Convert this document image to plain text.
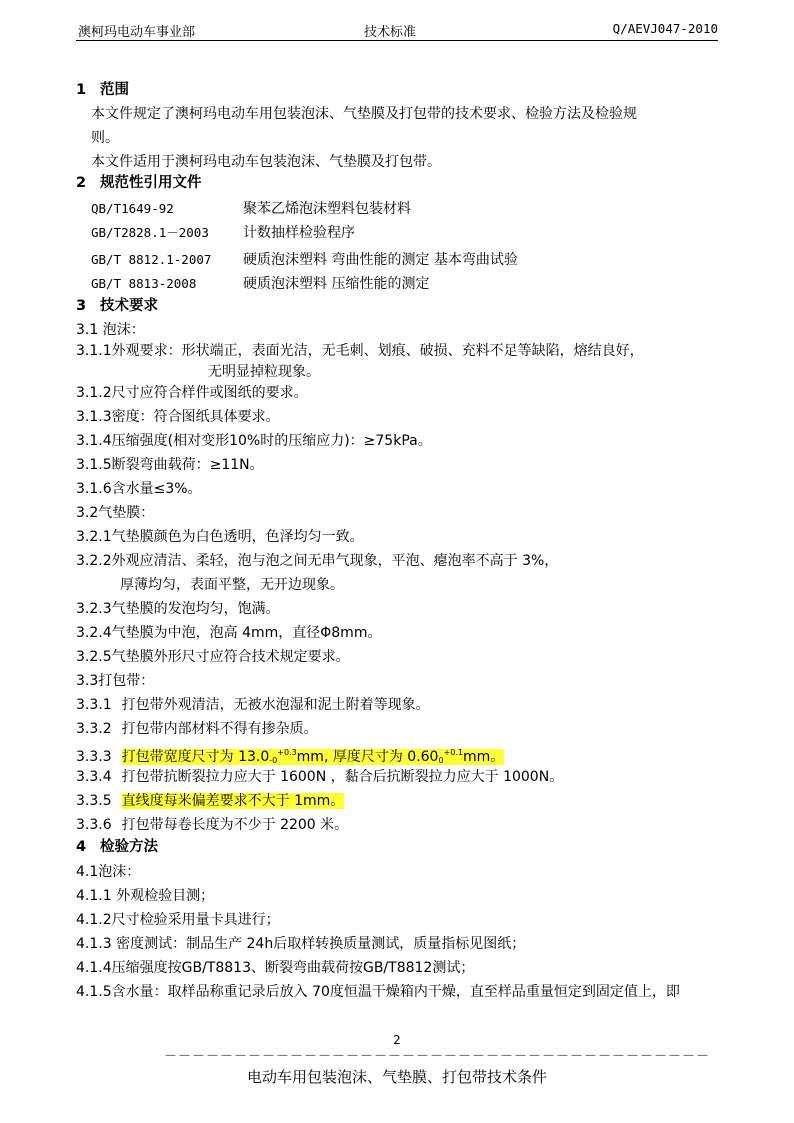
澳柯玛电动车事业部	技术标准	Q/AEVJ047-2010
1 范围
本文件规定了澳柯玛电动车用包装泡沫、气垫膜及打包带的技术要求、检验方法及检验规
则。
本文件适用于澳柯玛电动车包装泡沫、气垫膜及打包带。
2 规范性引用文件
QB/T1649-92	聚苯乙烯泡沫塑料包装材料
GB/T2828.1－2003 计数抽样检验程序
GB/T 8812.1-2007 硬质泡沫塑料 弯曲性能的测定 基本弯曲试验
GB/T 8813-2008	硬质泡沫塑料 压缩性能的测定
3 技术要求
3.1 泡沫：
3.1.1外观要求：形状端正，表面光洁，无毛刺、划痕、破损、充料不足等缺陷，熔结良好，
无明显掉粒现象。
3.1.2尺寸应符合样件或图纸的要求。
3.1.3密度：符合图纸具体要求。
3.1.4压缩强度(相对变形10%时的压缩应力)：≥75kPa。
3.1.5断裂弯曲载荷：≥11N。
3.1.6含水量≤3%。
3.2气垫膜：
3.2.1气垫膜颜色为白色透明，色泽均匀一致。
3.2.2外观应清洁、柔轻，泡与泡之间无串气现象，平泡、瘪泡率不高于 3%，
厚薄均匀，表面平整，无开边现象。
3.2.3气垫膜的发泡均匀，饱满。
3.2.4气垫膜为中泡，泡高 4mm，直径Φ8mm。
3.2.5气垫膜外形尺寸应符合技术规定要求。
3.3打包带：
3.3.1 打包带外观清洁，无被水泡湿和泥土附着等现象。
3.3.2 打包带内部材料不得有掺杂质。
3.3.3 打包带宽度尺寸为 $13.0_{-0}^{+0.3}mm$, 厚度尺寸为 $0.60_0^{+0.1}mm$。
3.3.4 打包带抗断裂拉力应大于 1600N ，黏合后抗断裂拉力应大于 1000N。
3.3.5 直线度每米偏差要求不大于 1mm。
3.3.6 打包带每卷长度为不少于 2200 米。
4 检验方法
4.1泡沫：
4.1.1 外观检验目测；
4.1.2尺寸检验采用量卡具进行；
4.1.3 密度测试：制品生产 24h后取样转换质量测试，质量指标见图纸；
4.1.4压缩强度按GB/T8813、断裂弯曲载荷按GB/T8812测试；
4.1.5含水量：取样品称重记录后放入 70度恒温干燥箱内干燥，直至样品重量恒定到固定值上，即
2
－－－－－－－－－－－－－－－－－－－－－－－－－－－－－－－－－－－－－－－
电动车用包装泡沫、气垫膜、打包带技术条件
